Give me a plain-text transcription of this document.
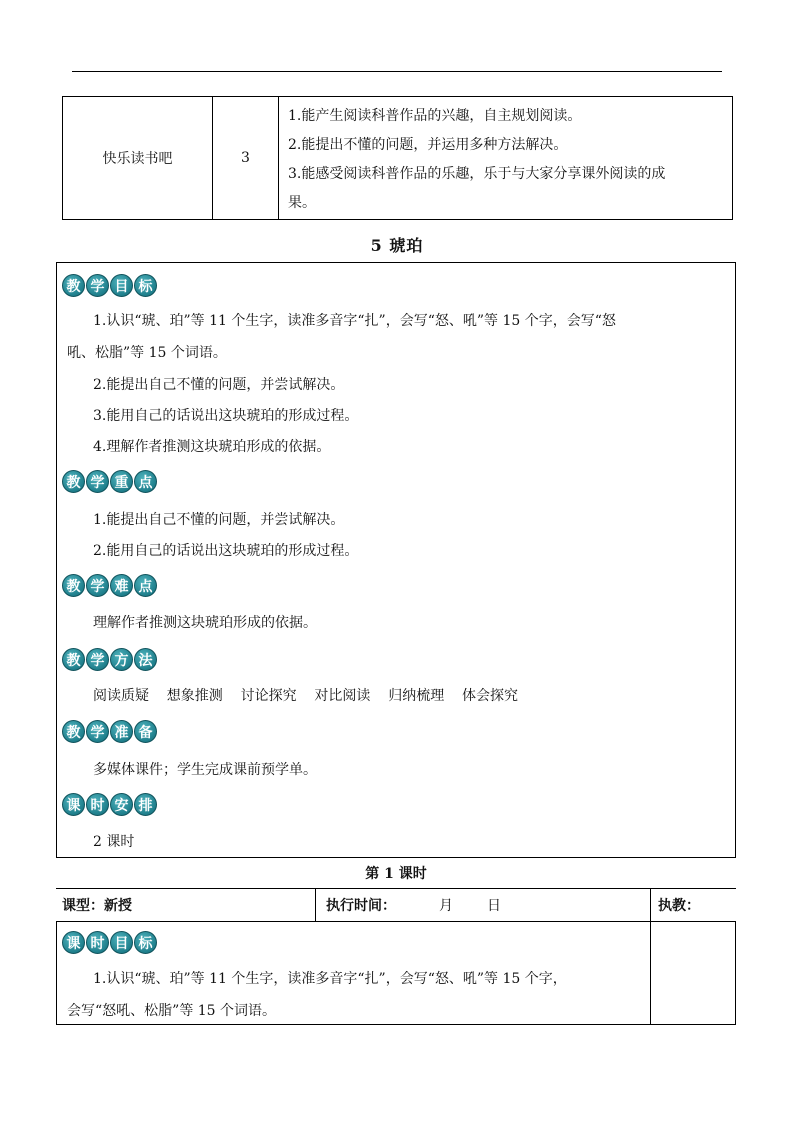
快乐读书吧	3
1.能产生阅读科普作品的兴趣，自主规划阅读。
2.能提出不懂的问题，并运用多种方法解决。
3.能感受阅读科普作品的乐趣，乐于与大家分享课外阅读的成
果。
5 琥珀
教 学 目 标
1.认识“琥、珀”等 11 个生字，读准多音字“扎”，会写“怒、吼”等 15 个字，会写“怒
吼、松脂”等 15 个词语。
2.能提出自己不懂的问题，并尝试解决。
3.能用自己的话说出这块琥珀的形成过程。
4.理解作者推测这块琥珀形成的依据。
教 学 重 点
1.能提出自己不懂的问题，并尝试解决。
2.能用自己的话说出这块琥珀的形成过程。
教 学 难 点
理解作者推测这块琥珀形成的依据。
教 学 方 法
阅读质疑    想象推测    讨论探究    对比阅读    归纳梳理    体会探究
教 学 准 备
多媒体课件；学生完成课前预学单。
课 时 安 排
2 课时
第 1 课时
课型：新授	执行时间：	月 日	执教：
课 时 目 标
1.认识“琥、珀”等 11 个生字，读准多音字“扎”，会写“怒、吼”等 15 个字，
会写“怒吼、松脂”等 15 个词语。
